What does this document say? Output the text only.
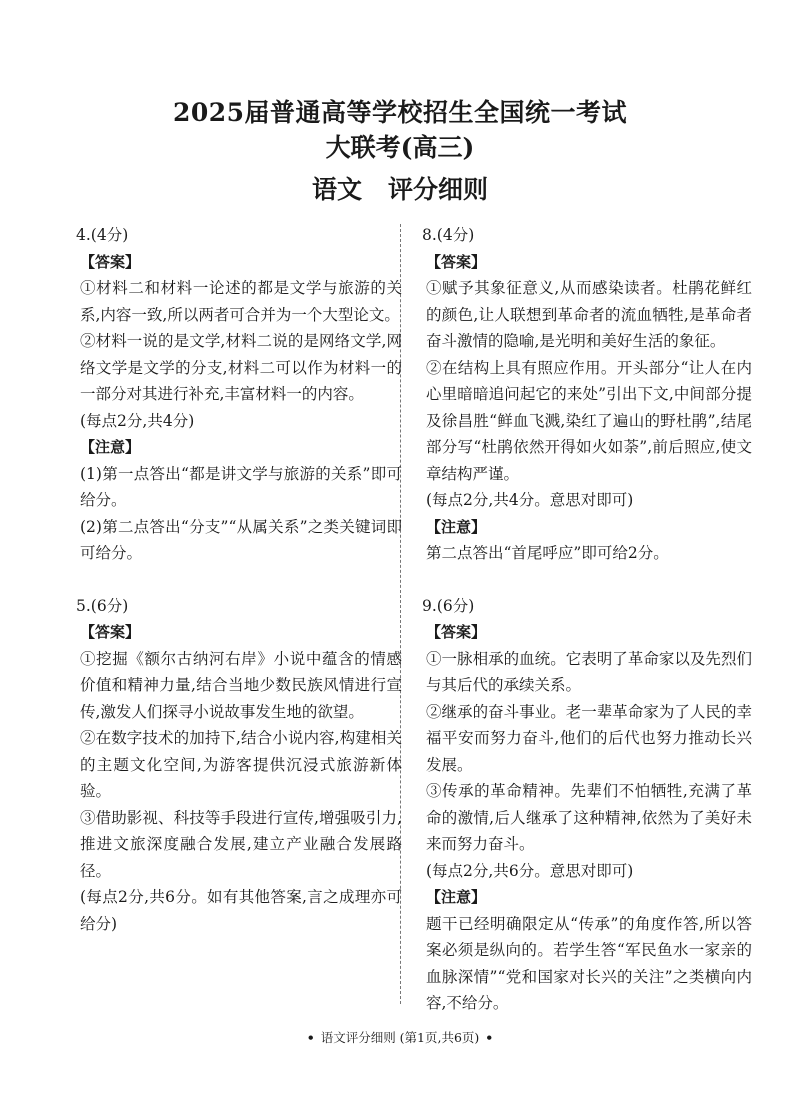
2025届普通高等学校招生全国统一考试
大联考(高三)
语文 评分细则
4.(4分)
【答案】
①材料二和材料一论述的都是文学与旅游的关系,内容一致,所以两者可合并为一个大型论文。
②材料一说的是文学,材料二说的是网络文学,网络文学是文学的分支,材料二可以作为材料一的一部分对其进行补充,丰富材料一的内容。
(每点2分,共4分)
【注意】
(1)第一点答出“都是讲文学与旅游的关系”即可给分。
(2)第二点答出“分支”“从属关系”之类关键词即可给分。
5.(6分)
【答案】
①挖掘《额尔古纳河右岸》小说中蕴含的情感价值和精神力量,结合当地少数民族风情进行宣传,激发人们探寻小说故事发生地的欲望。
②在数字技术的加持下,结合小说内容,构建相关的主题文化空间,为游客提供沉浸式旅游新体验。
③借助影视、科技等手段进行宣传,增强吸引力,推进文旅深度融合发展,建立产业融合发展路径。
(每点2分,共6分。如有其他答案,言之成理亦可给分)
8.(4分)
【答案】
①赋予其象征意义,从而感染读者。杜鹃花鲜红的颜色,让人联想到革命者的流血牺牲,是革命者奋斗激情的隐喻,是光明和美好生活的象征。
②在结构上具有照应作用。开头部分“让人在内心里暗暗追问起它的来处”引出下文,中间部分提及徐昌胜“鲜血飞溅,染红了遍山的野杜鹃”,结尾部分写“杜鹃依然开得如火如荼”,前后照应,使文章结构严谨。
(每点2分,共4分。意思对即可)
【注意】
第二点答出“首尾呼应”即可给2分。
9.(6分)
【答案】
①一脉相承的血统。它表明了革命家以及先烈们与其后代的承续关系。
②继承的奋斗事业。老一辈革命家为了人民的幸福平安而努力奋斗,他们的后代也努力推动长兴发展。
③传承的革命精神。先辈们不怕牺牲,充满了革命的激情,后人继承了这种精神,依然为了美好未来而努力奋斗。
(每点2分,共6分。意思对即可)
【注意】
题干已经明确限定从“传承”的角度作答,所以答案必须是纵向的。若学生答“军民鱼水一家亲的血脉深情”“党和国家对长兴的关注”之类横向内容,不给分。
• 语文评分细则 (第1页,共6页) •
